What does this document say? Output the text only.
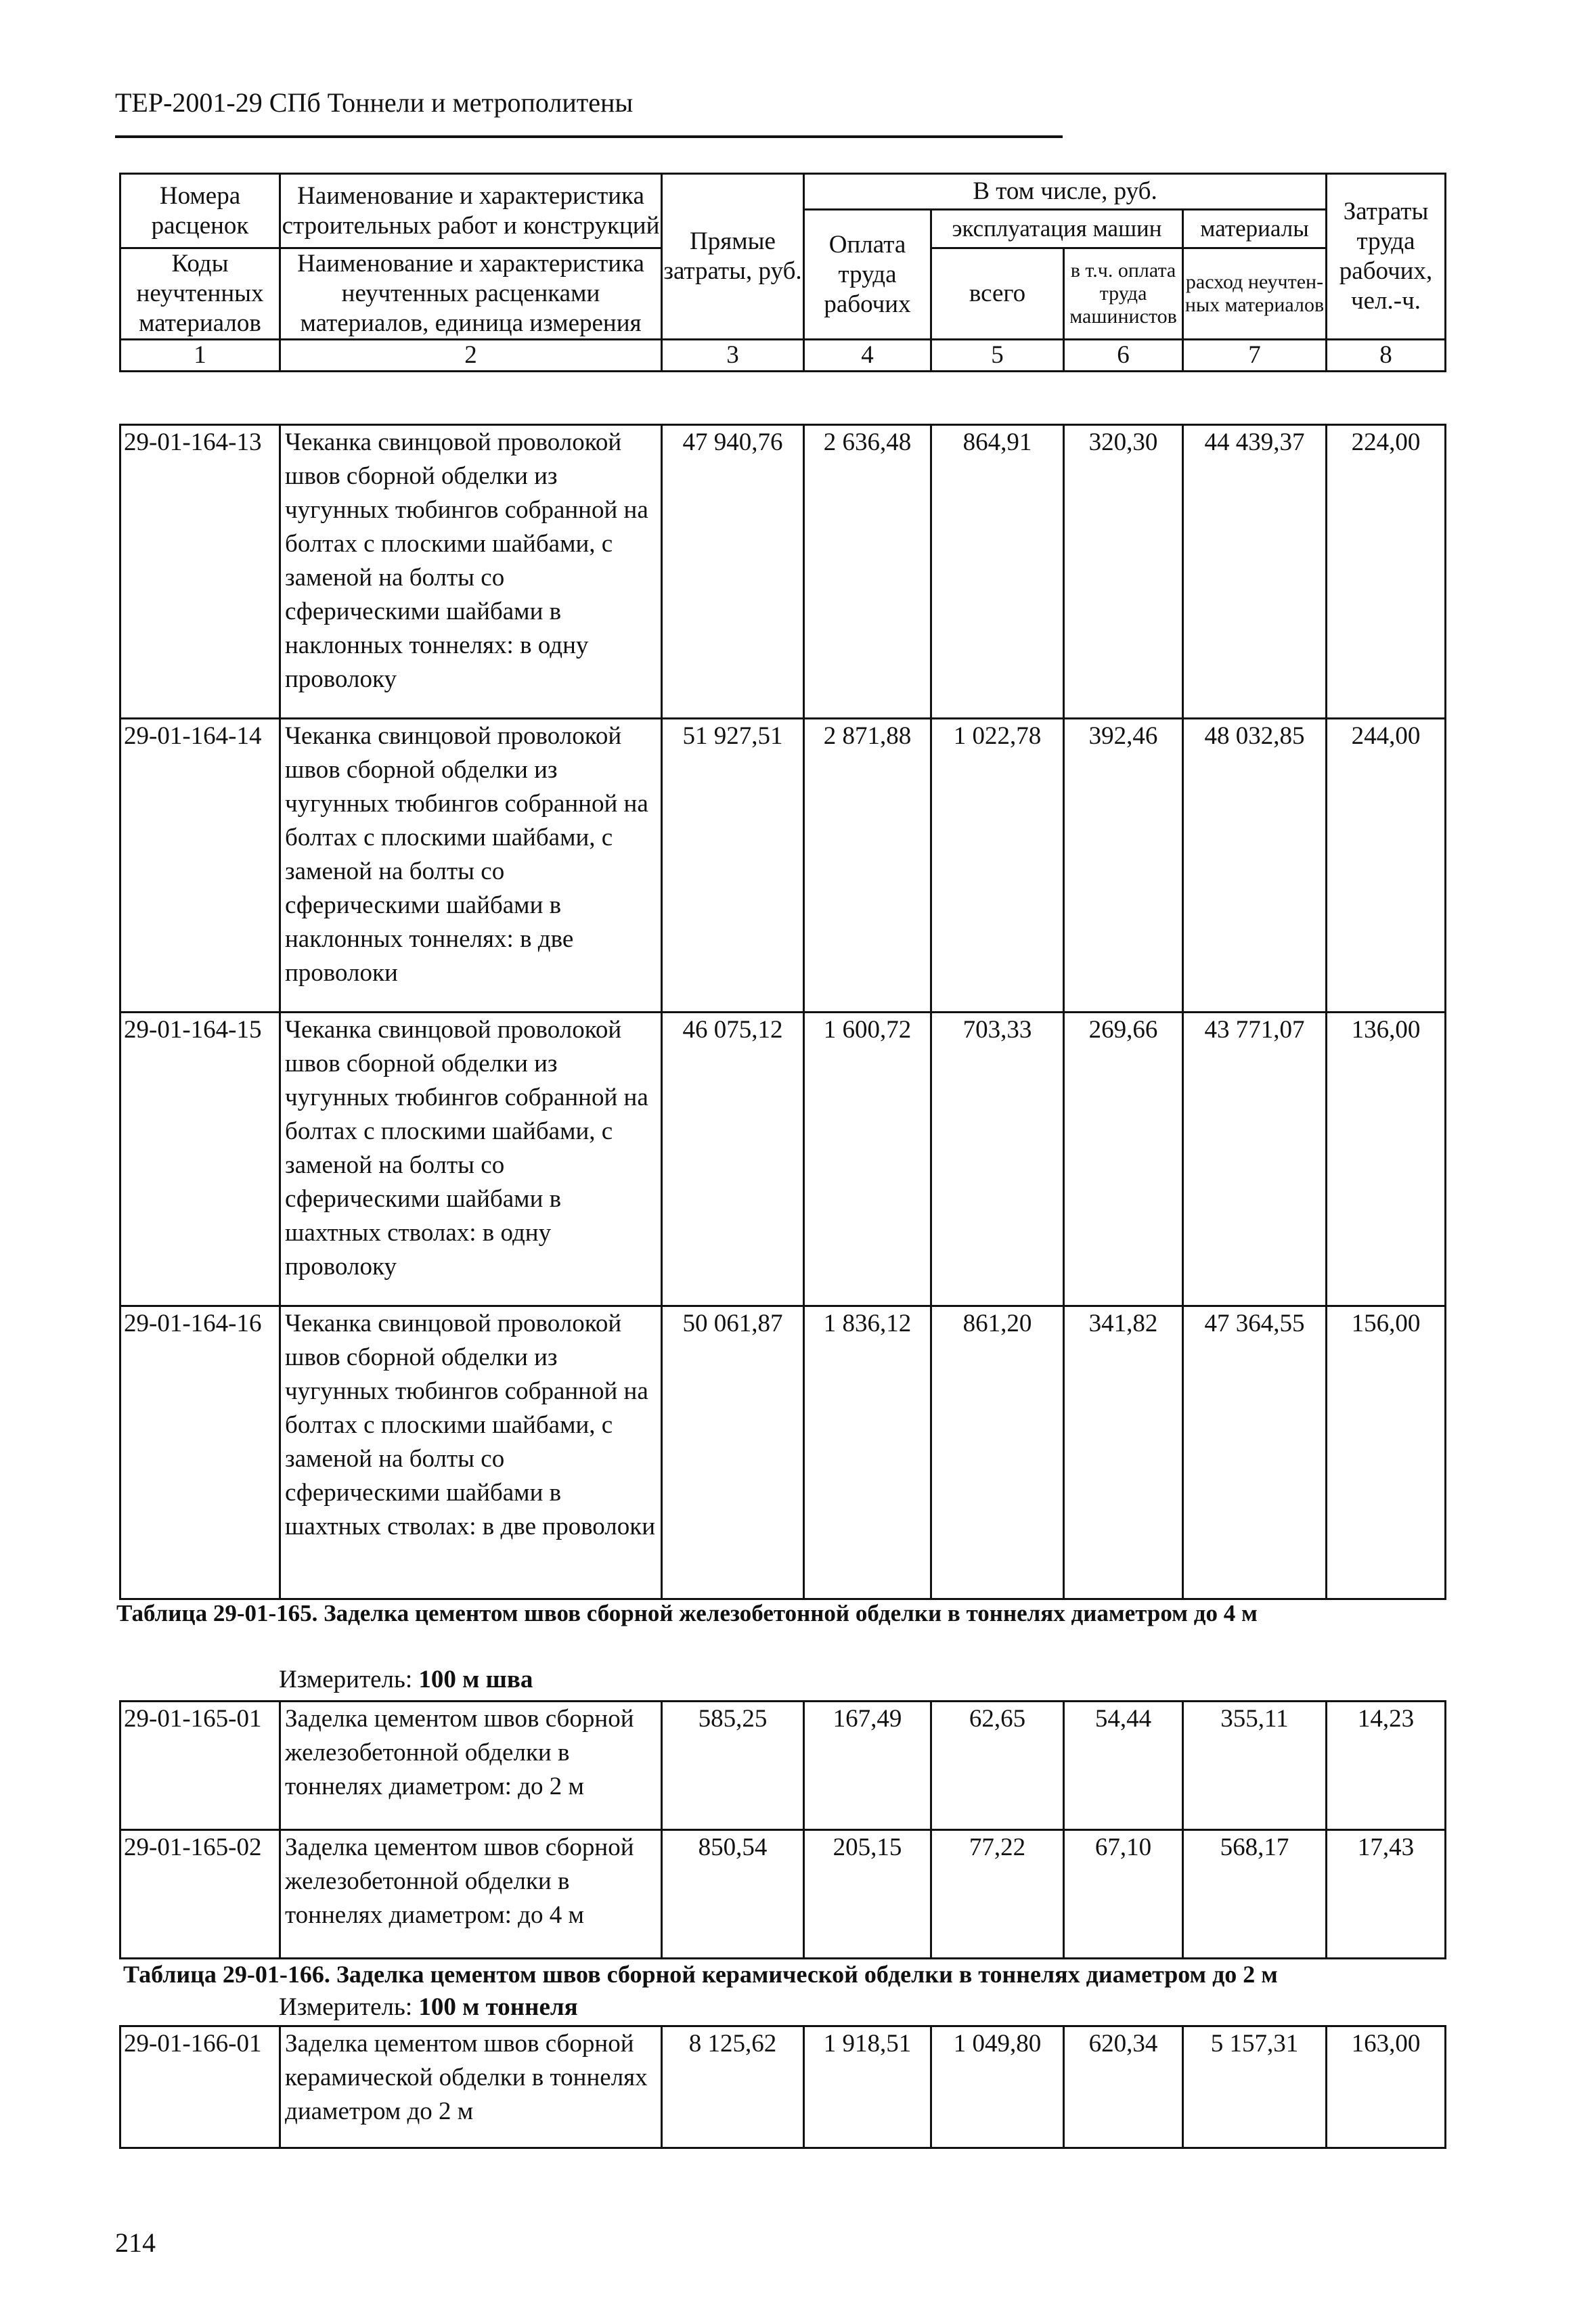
ТЕР-2001-29 СПб Тоннели и метрополитены
Номера расценок	Наименование и характеристика строительных работ и конструкций	Прямые затраты, руб.	В том числе, руб.				Затраты труда рабочих, чел.-ч.
			Оплата труда рабочих	эксплуатация машин		материалы	
Коды неучтенных материалов	Наименование и характеристика неучтенных расценками материалов, единица измерения			всего	в т.ч. оплата труда машинистов	расход неучтен-ных материалов	

1	2	3	4	5	6	7	8
29-01-164-13	Чеканка свинцовой проволокой швов сборной обделки из чугунных тюбингов собранной на болтах с плоскими шайбами, с заменой на болты со сферическими шайбами в наклонных тоннелях: в одну проволоку	47 940,76	2 636,48	864,91	320,30	44 439,37	224,00
29-01-164-14	Чеканка свинцовой проволокой швов сборной обделки из чугунных тюбингов собранной на болтах с плоскими шайбами, с заменой на болты со сферическими шайбами в наклонных тоннелях: в две проволоки	51 927,51	2 871,88	1 022,78	392,46	48 032,85	244,00
29-01-164-15	Чеканка свинцовой проволокой швов сборной обделки из чугунных тюбингов собранной на болтах с плоскими шайбами, с заменой на болты со сферическими шайбами в шахтных стволах: в одну проволоку	46 075,12	1 600,72	703,33	269,66	43 771,07	136,00
29-01-164-16	Чеканка свинцовой проволокой швов сборной обделки из чугунных тюбингов собранной на болтах с плоскими шайбами, с заменой на болты со сферическими шайбами в шахтных стволах: в две проволоки	50 061,87	1 836,12	861,20	341,82	47 364,55	156,00
Таблица 29-01-165. Заделка цементом швов сборной железобетонной обделки в тоннелях диаметром до 4 м
Измеритель: 100 м шва
29-01-165-01	Заделка цементом швов сборной железобетонной обделки в тоннелях диаметром: до 2 м	585,25	167,49	62,65	54,44	355,11	14,23
29-01-165-02	Заделка цементом швов сборной железобетонной обделки в тоннелях диаметром: до 4 м	850,54	205,15	77,22	67,10	568,17	17,43
Таблица 29-01-166. Заделка цементом швов сборной керамической обделки в тоннелях диаметром до 2 м
Измеритель: 100 м тоннеля
29-01-166-01	Заделка цементом швов сборной керамической обделки в тоннелях диаметром до 2 м	8 125,62	1 918,51	1 049,80	620,34	5 157,31	163,00
214
